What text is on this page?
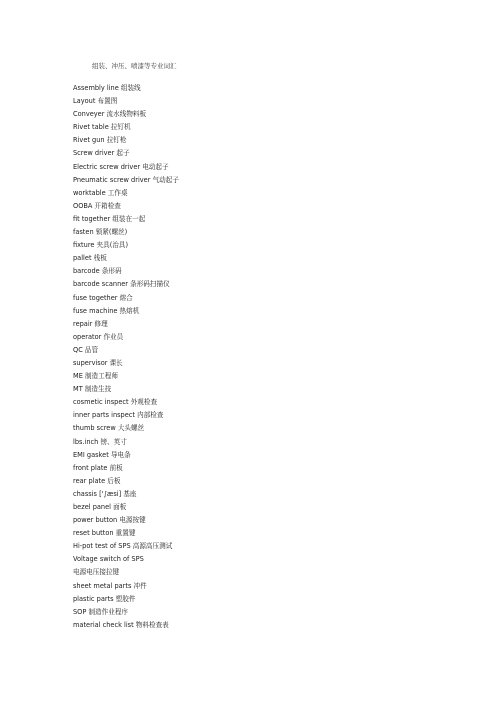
组装、冲压、喷漆等专业词汇
Assembly line 组装线
Layout 布置图
Conveyer 流水线物料板
Rivet table 拉钉机
Rivet gun 拉钉枪
Screw driver 起子
Electric screw driver 电动起子
Pneumatic screw driver 气动起子
worktable 工作桌
OOBA 开箱检查
fit together 组装在一起
fasten 锁紧(螺丝)
fixture 夹具(治具)
pallet 栈板
barcode 条形码
barcode scanner 条形码扫描仪
fuse together 熔合
fuse machine 热熔机
repair 修理
operator 作业员
QC 品管
supervisor 课长
ME 制造工程师
MT 制造生技
cosmetic inspect 外观检查
inner parts inspect 内部检查
thumb screw 大头螺丝
lbs.inch 镑、英寸
EMI gasket 导电条
front plate 前板
rear plate 后板
chassis ['∫æsi] 基座
bezel panel 面板
power button 电源按键
reset button 重置键
Hi-pot test of SPS 高源高压测试
Voltage switch of SPS
电源电压接拉键
sheet metal parts 冲件
plastic parts 塑胶件
SOP 制造作业程序
material check list 物料检查表
